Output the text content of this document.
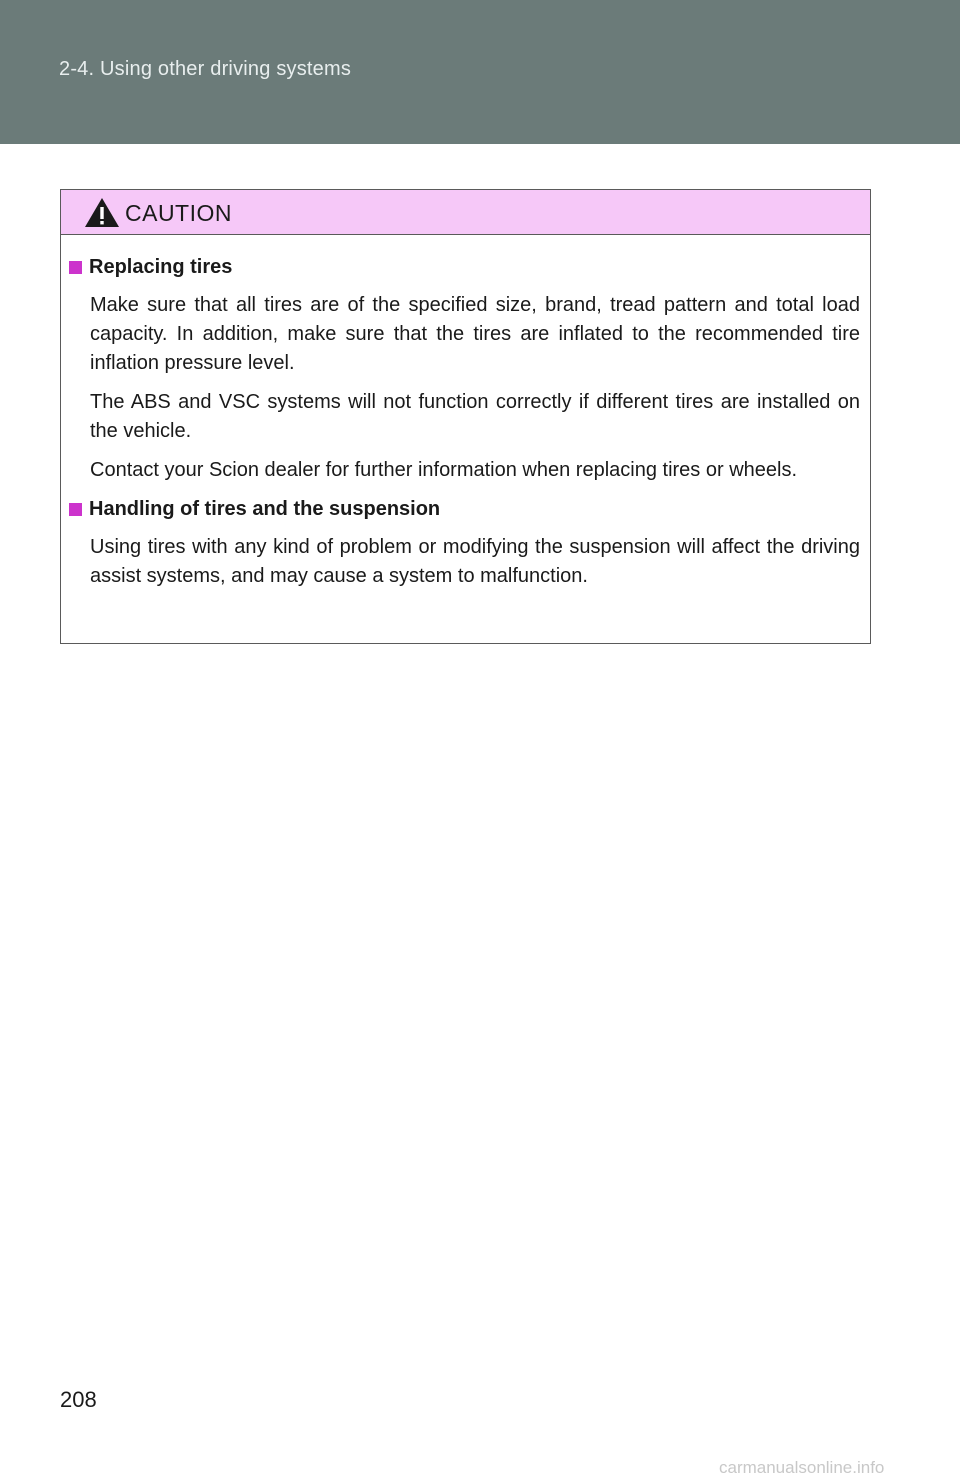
2-4. Using other driving systems
CAUTION
Replacing tires

Make sure that all tires are of the specified size, brand, tread pattern and total load capacity. In addition, make sure that the tires are inflated to the recommended tire inflation pressure level.

The ABS and VSC systems will not function correctly if different tires are installed on the vehicle.

Contact your Scion dealer for further information when replacing tires or wheels.

Handling of tires and the suspension

Using tires with any kind of problem or modifying the suspension will affect the driving assist systems, and may cause a system to malfunction.

208
carmanualsonline.info
